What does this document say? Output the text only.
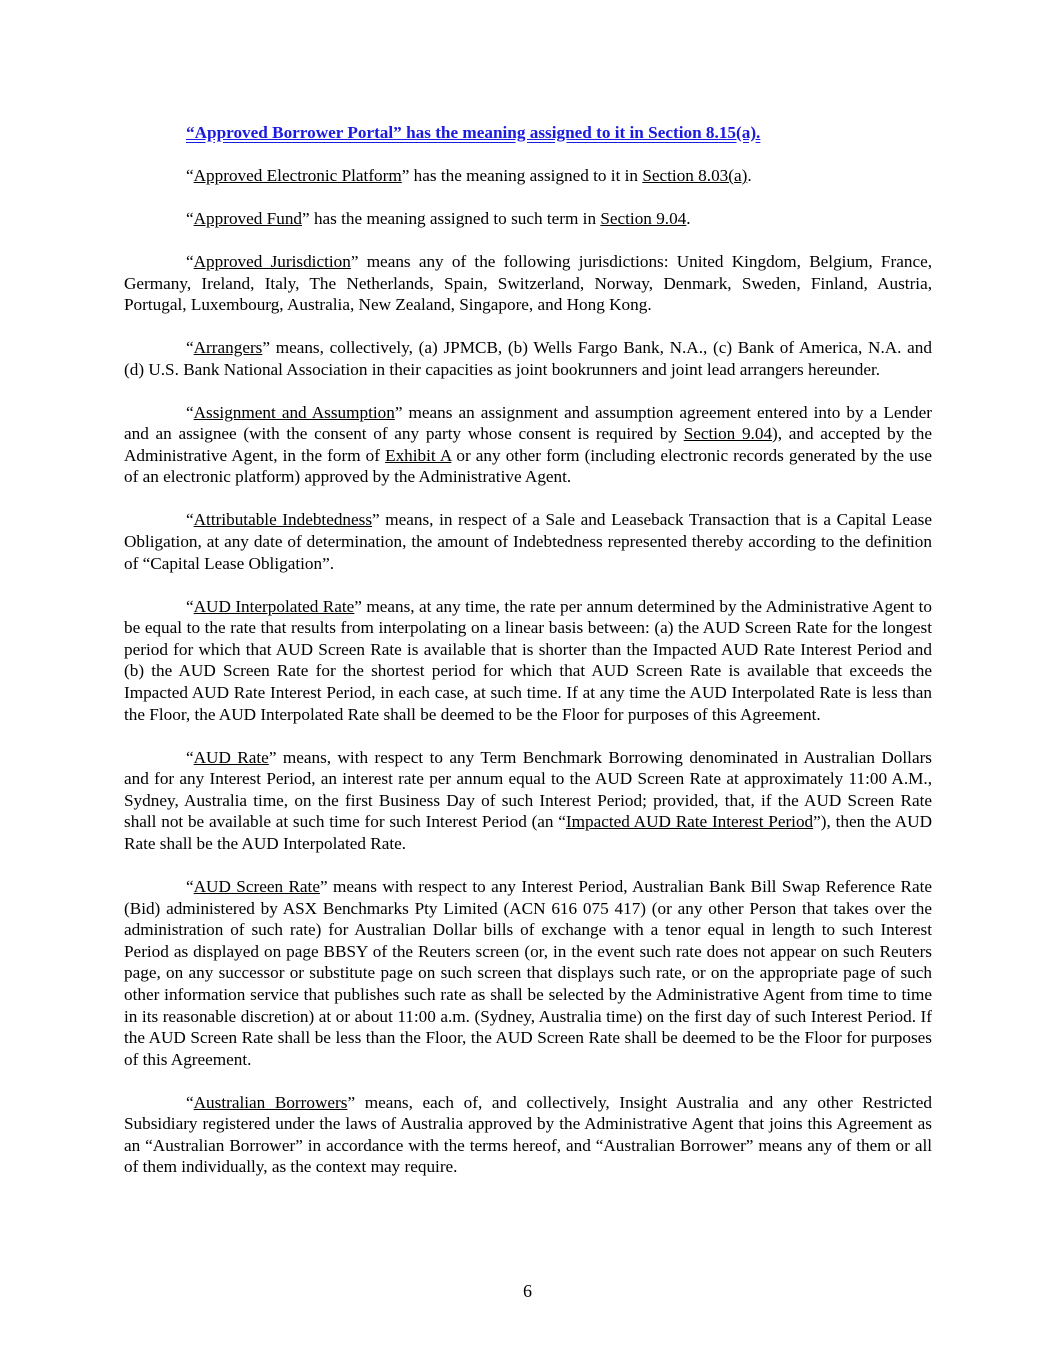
“Approved Borrower Portal” has the meaning assigned to it in Section 8.15(a).

“Approved Electronic Platform” has the meaning assigned to it in Section 8.03(a).

“Approved Fund” has the meaning assigned to such term in Section 9.04.

“Approved Jurisdiction” means any of the following jurisdictions: United Kingdom, Belgium, France, Germany, Ireland, Italy, The Netherlands, Spain, Switzerland, Norway, Denmark, Sweden, Finland, Austria, Portugal, Luxembourg, Australia, New Zealand, Singapore, and Hong Kong.

“Arrangers” means, collectively, (a) JPMCB, (b) Wells Fargo Bank, N.A., (c) Bank of America, N.A. and (d) U.S. Bank National Association in their capacities as joint bookrunners and joint lead arrangers hereunder.

“Assignment and Assumption” means an assignment and assumption agreement entered into by a Lender and an assignee (with the consent of any party whose consent is required by Section 9.04), and accepted by the Administrative Agent, in the form of Exhibit A or any other form (including electronic records generated by the use of an electronic platform) approved by the Administrative Agent.

“Attributable Indebtedness” means, in respect of a Sale and Leaseback Transaction that is a Capital Lease Obligation, at any date of determination, the amount of Indebtedness represented thereby according to the definition of “Capital Lease Obligation”.

“AUD Interpolated Rate” means, at any time, the rate per annum determined by the Administrative Agent to be equal to the rate that results from interpolating on a linear basis between: (a) the AUD Screen Rate for the longest period for which that AUD Screen Rate is available that is shorter than the Impacted AUD Rate Interest Period and (b) the AUD Screen Rate for the shortest period for which that AUD Screen Rate is available that exceeds the Impacted AUD Rate Interest Period, in each case, at such time. If at any time the AUD Interpolated Rate is less than the Floor, the AUD Interpolated Rate shall be deemed to be the Floor for purposes of this Agreement.

“AUD Rate” means, with respect to any Term Benchmark Borrowing denominated in Australian Dollars and for any Interest Period, an interest rate per annum equal to the AUD Screen Rate at approximately 11:00 A.M., Sydney, Australia time, on the first Business Day of such Interest Period; provided, that, if the AUD Screen Rate shall not be available at such time for such Interest Period (an “Impacted AUD Rate Interest Period”), then the AUD Rate shall be the AUD Interpolated Rate.

“AUD Screen Rate” means with respect to any Interest Period, Australian Bank Bill Swap Reference Rate (Bid) administered by ASX Benchmarks Pty Limited (ACN 616 075 417) (or any other Person that takes over the administration of such rate) for Australian Dollar bills of exchange with a tenor equal in length to such Interest Period as displayed on page BBSY of the Reuters screen (or, in the event such rate does not appear on such Reuters page, on any successor or substitute page on such screen that displays such rate, or on the appropriate page of such other information service that publishes such rate as shall be selected by the Administrative Agent from time to time in its reasonable discretion) at or about 11:00 a.m. (Sydney, Australia time) on the first day of such Interest Period. If the AUD Screen Rate shall be less than the Floor, the AUD Screen Rate shall be deemed to be the Floor for purposes of this Agreement.

“Australian Borrowers” means, each of, and collectively, Insight Australia and any other Restricted Subsidiary registered under the laws of Australia approved by the Administrative Agent that joins this Agreement as an “Australian Borrower” in accordance with the terms hereof, and “Australian Borrower” means any of them or all of them individually, as the context may require.

6
